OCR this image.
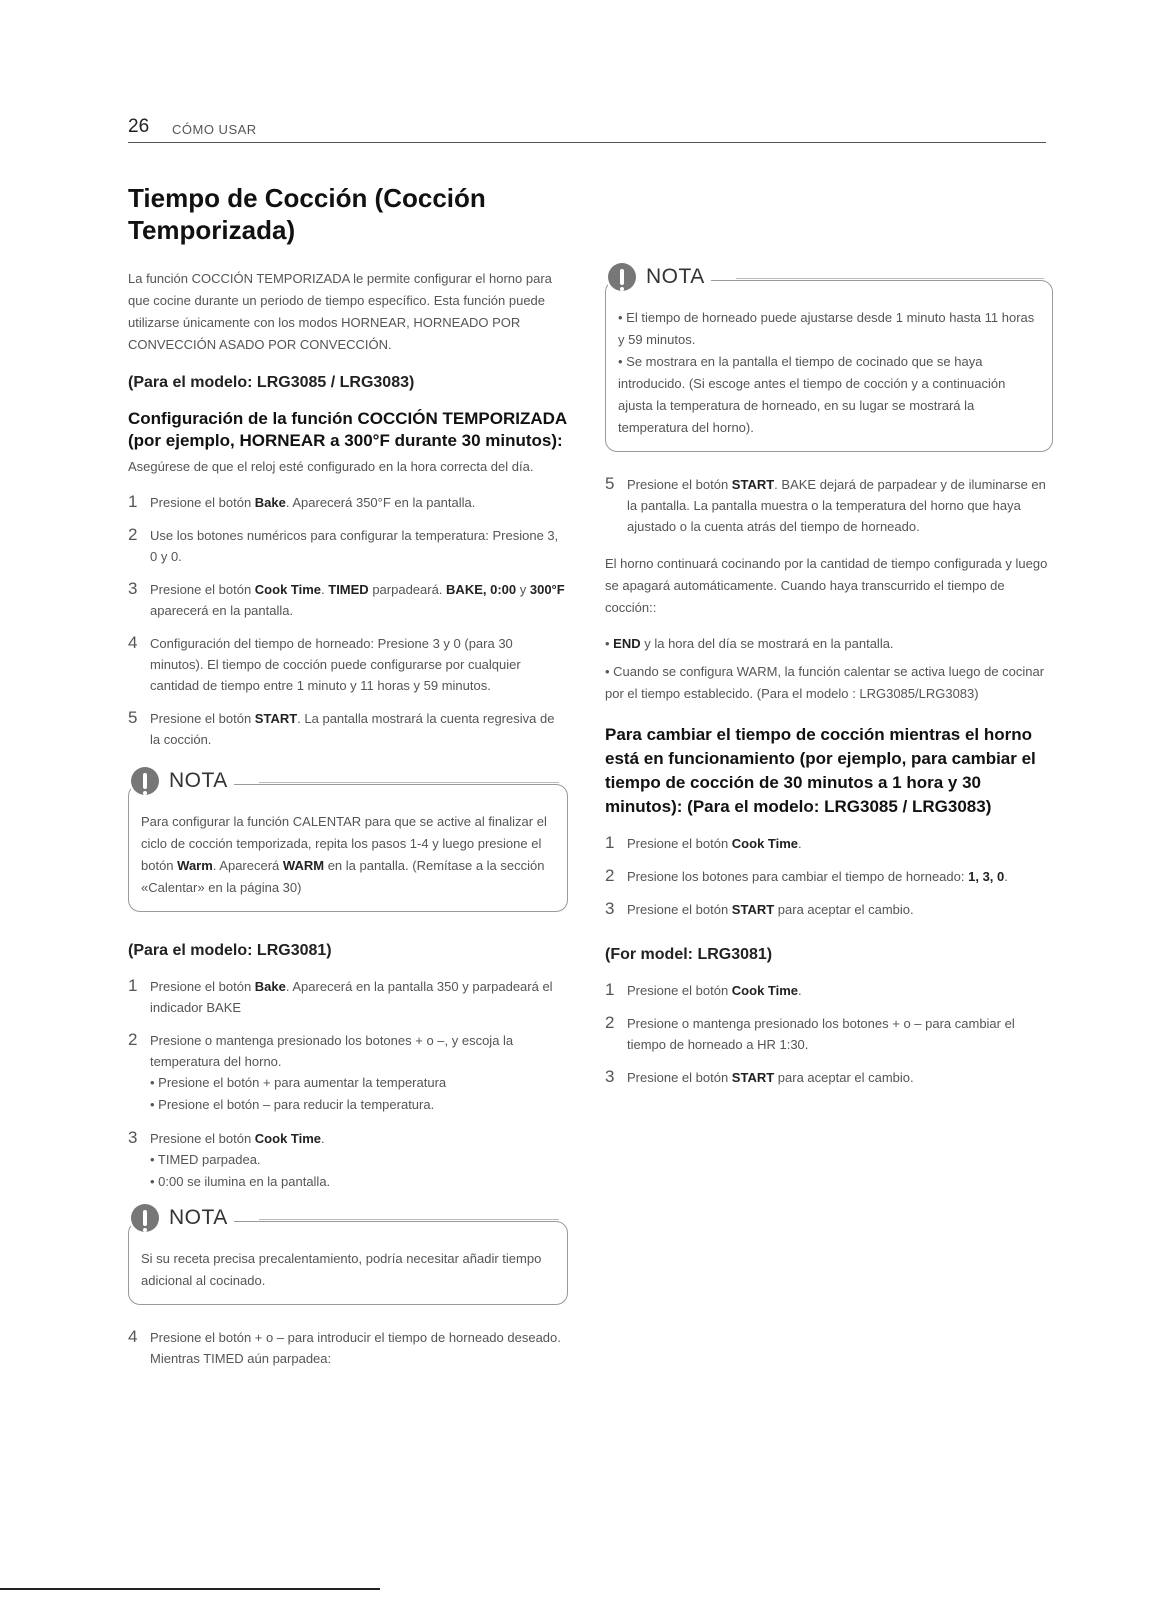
26 CÓMO USAR
Tiempo de Cocción (Cocción Temporizada)

La función COCCIÓN TEMPORIZADA le permite configurar el horno para que cocine durante un periodo de tiempo específico. Esta función puede utilizarse únicamente con los modos HORNEAR, HORNEADO POR CONVECCIÓN ASADO POR CONVECCIÓN.

(Para el modelo: LRG3085 / LRG3083)
Configuración de la función COCCIÓN TEMPORIZADA (por ejemplo, HORNEAR a 300°F durante 30 minutos):

Asegúrese de que el reloj esté configurado en la hora correcta del día.

1 Presione el botón Bake. Aparecerá 350°F en la pantalla.
2 Use los botones numéricos para configurar la temperatura: Presione 3, 0 y 0.
3 Presione el botón Cook Time. TIMED parpadeará. BAKE, 0:00 y 300°F aparecerá en la pantalla.
4 Configuración del tiempo de horneado: Presione 3 y 0 (para 30 minutos). El tiempo de cocción puede configurarse por cualquier cantidad de tiempo entre 1 minuto y 11 horas y 59 minutos.
5 Presione el botón START. La pantalla mostrará la cuenta regresiva de la cocción.
NOTA
Para configurar la función CALENTAR para que se active al finalizar el ciclo de cocción temporizada, repita los pasos 1-4 y luego presione el botón Warm. Aparecerá WARM en la pantalla. (Remítase a la sección «Calentar» en la página 30)
(Para el modelo: LRG3081)
1 Presione el botón Bake. Aparecerá en la pantalla 350 y parpadeará el indicador BAKE
2 Presione o mantenga presionado los botones + o –, y escoja la temperatura del horno.
• Presione el botón + para aumentar la temperatura
• Presione el botón – para reducir la temperatura.
3 Presione el botón Cook Time.
• TIMED parpadea.
• 0:00 se ilumina en la pantalla.
NOTA
Si su receta precisa precalentamiento, podría necesitar añadir tiempo adicional al cocinado.
4 Presione el botón + o – para introducir el tiempo de horneado deseado. Mientras TIMED aún parpadea:
NOTA
• El tiempo de horneado puede ajustarse desde 1 minuto hasta 11 horas y 59 minutos.
• Se mostrara en la pantalla el tiempo de cocinado que se haya introducido. (Si escoge antes el tiempo de cocción y a continuación ajusta la temperatura de horneado, en su lugar se mostrará la temperatura del horno).
5 Presione el botón START. BAKE dejará de parpadear y de iluminarse en la pantalla. La pantalla muestra o la temperatura del horno que haya ajustado o la cuenta atrás del tiempo de horneado.

El horno continuará cocinando por la cantidad de tiempo configurada y luego se apagará automáticamente. Cuando haya transcurrido el tiempo de cocción::

• END y la hora del día se mostrará en la pantalla.

• Cuando se configura WARM, la función calentar se activa luego de cocinar por el tiempo establecido. (Para el modelo : LRG3085/LRG3083)

Para cambiar el tiempo de cocción mientras el horno está en funcionamiento (por ejemplo, para cambiar el tiempo de cocción de 30 minutos a 1 hora y 30 minutos): (Para el modelo: LRG3085 / LRG3083)
1 Presione el botón Cook Time.
2 Presione los botones para cambiar el tiempo de horneado: 1, 3, 0.
3 Presione el botón START para aceptar el cambio.
(For model: LRG3081)
1 Presione el botón Cook Time.
2 Presione o mantenga presionado los botones + o – para cambiar el tiempo de horneado a HR 1:30.
3 Presione el botón START para aceptar el cambio.
